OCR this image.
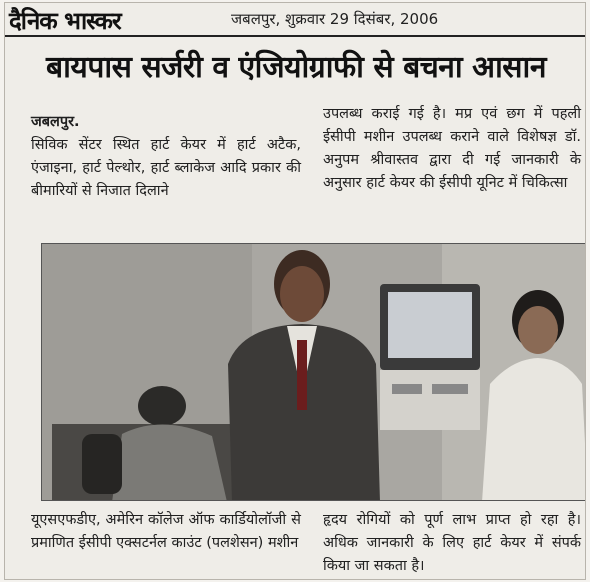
दैनिक भास्कर	जबलपुर, शुक्रवार 29 दिसंबर, 2006
बायपास सर्जरी व एंजियोग्राफी से बचना आसान
जबलपुर.

सिविक सेंटर स्थित हार्ट केयर में हार्ट अटैक, एंजाइना, हार्ट पेल्थोर, हार्ट ब्लाकेज आदि प्रकार की बीमारियों से निजात दिलाने

उपलब्ध कराई गई है। मप्र एवं छग में पहली ईसीपी मशीन उपलब्ध कराने वाले विशेषज्ञ डॉ. अनुपम श्रीवास्तव द्वारा दी गई जानकारी के अनुसार हार्ट केयर की ईसीपी यूनिट में चिकित्सा

यूएसएफडीए, अमेरिन कॉलेज ऑफ कार्डियोलॉजी से प्रमाणित ईसीपी एक्सटर्नल काउंट (पलशेसन) मशीन

हृदय रोगियों को पूर्ण लाभ प्राप्त हो रहा है। अधिक जानकारी के लिए हार्ट केयर में संपर्क किया जा सकता है।
